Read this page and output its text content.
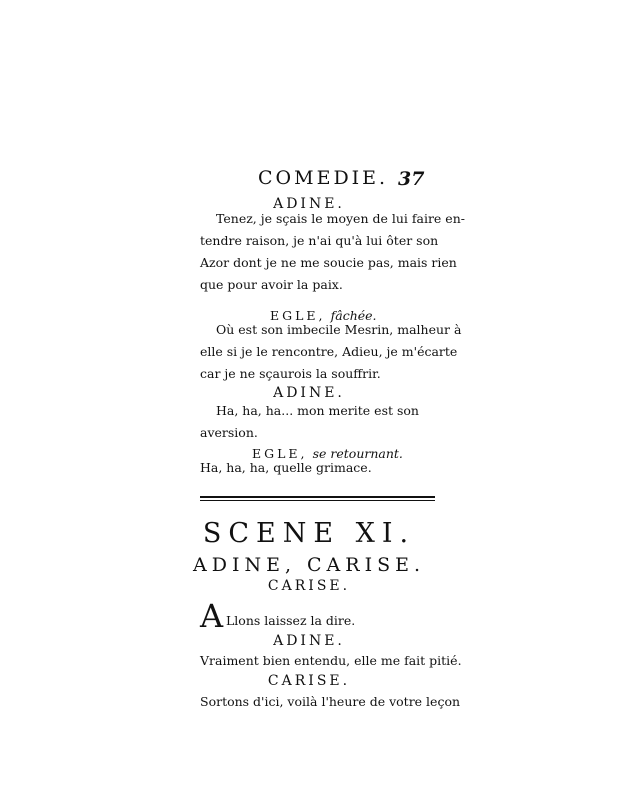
COMEDIE. 37
ADINE.
Tenez, je sçais le moyen de lui faire en-
tendre raison, je n'ai qu'à lui ôter son
Azor dont je ne me soucie pas, mais rien
que pour avoir la paix.
EGLE, fâchée.
Où est son imbecile Mesrin, malheur à
elle si je le rencontre, Adieu, je m'écarte
car je ne sçaurois la souffrir.
ADINE.
Ha, ha, ha... mon merite est son
aversion.
EGLE, se retournant.
Ha, ha, ha, quelle grimace.
SCENE XI.
ADINE, CARISE.
CARISE.
A Llons laissez la dire.
ADINE.
Vraiment bien entendu, elle me fait pitié.
CARISE.
Sortons d'ici, voilà l'heure de votre leçon
